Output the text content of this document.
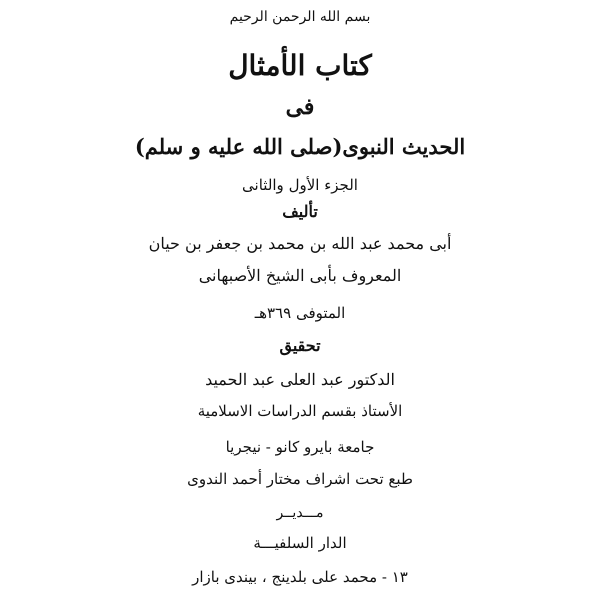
بسم الله الرحمن الرحيم
كتاب الأمثال
فى
الحديث النبوى(صلى الله عليه و سلم)
الجزء الأول والثانى
تأليف
أبى محمد عبد الله بن محمد بن جعفر بن حيان
المعروف بأبى الشيخ الأصبهانى
المتوفى ٣٦٩هـ
تحقيق
الدكتور عبد العلى عبد الحميد
الأستاذ بقسم الدراسات الاسلامية
جامعة بايرو كانو - نيجريا
طبع تحت اشراف مختار أحمد الندوى
مـــديــر
الدار السلفيـــة
١٣ - محمد على بلدينج ، بيندى بازار
